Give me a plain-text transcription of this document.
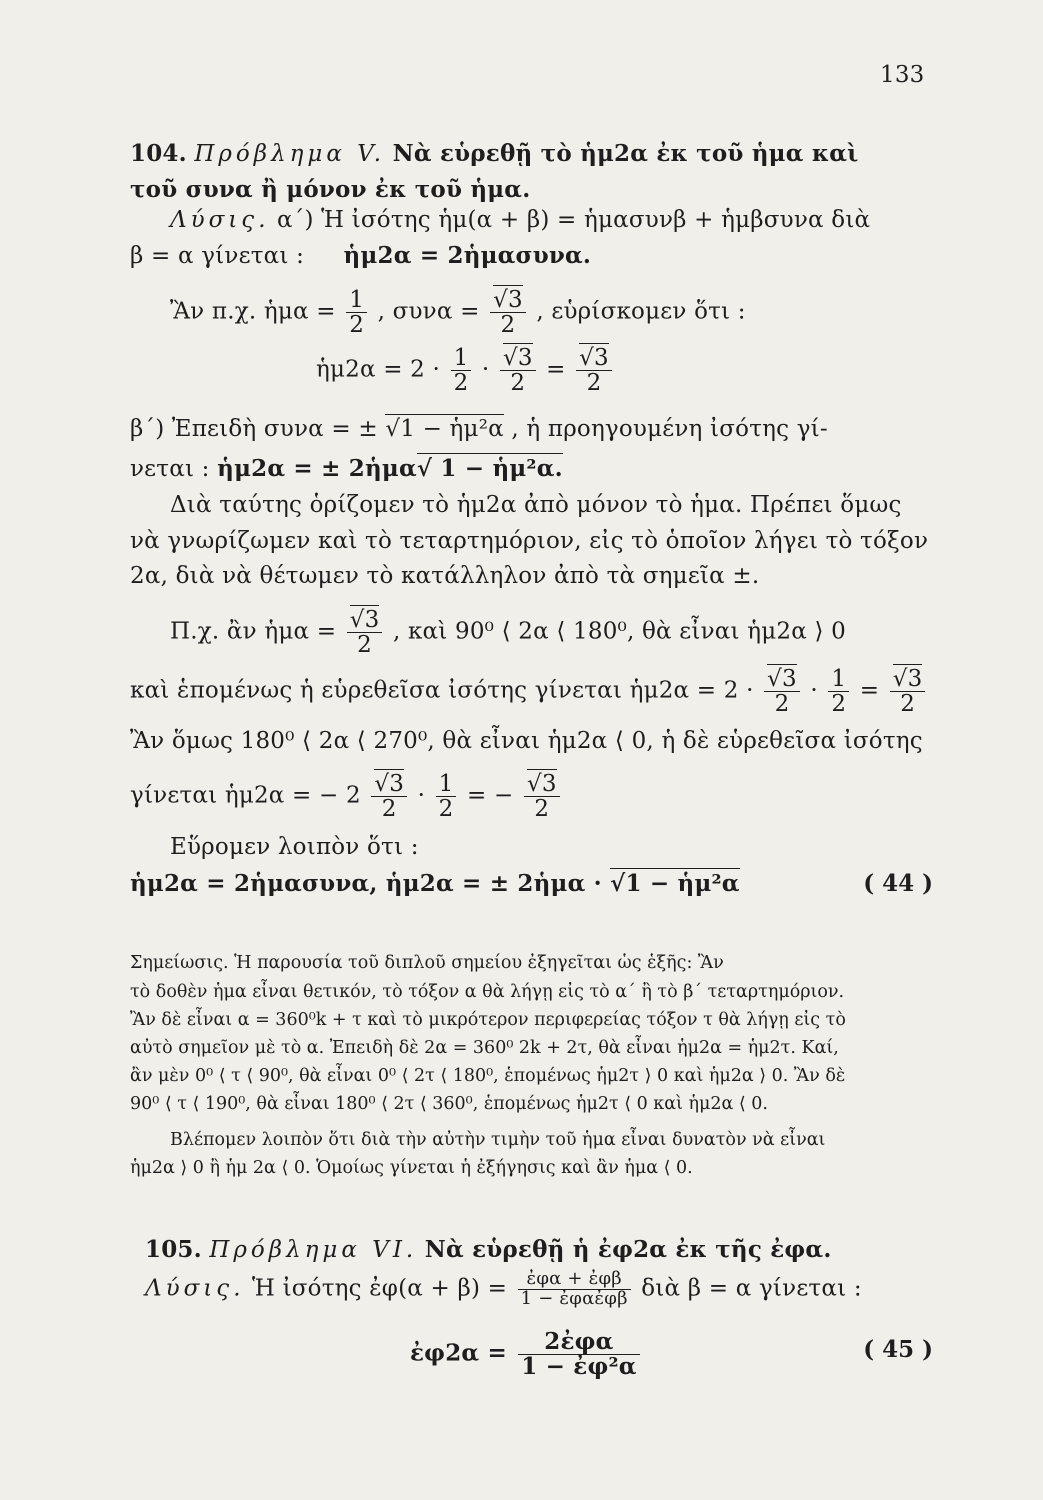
133
104. Πρόβλημα V. Νὰ εὑρεθῇ τὸ ἡμ2α ἐκ τοῦ ἡμα καὶ
τοῦ συνα ἢ μόνον ἐκ τοῦ ἡμα.
Λύσις. α΄) Ἡ ἰσότης ἡμ(α + β) = ἡμασυνβ + ἡμβσυνα διὰ
β = α γίνεται : ἡμ2α = 2ἡμασυνα.
Ἂν π.χ. ἡμα = $\frac{1}{2}$ , συνα = √ $\frac{3}{2}$ , εὑρίσκομεν ὅτι :
ἡμ2α = $2 \cdot \frac{1}{2}$ · √ $\frac{3}{2}$ = √ $\frac{3}{2}$
β΄) Ἐπειδὴ συνα = ± √ 1 − ἡμ²α , ἡ προηγουμένη ἰσότης γί-
νεται : ἡμ2α = ± 2ἡμα√ 1 − ἡμ²α.
Διὰ ταύτης ὁρίζομεν τὸ ἡμ2α ἀπὸ μόνον τὸ ἡμα. Πρέπει ὅμως
νὰ γνωρίζωμεν καὶ τὸ τεταρτημόριον, εἰς τὸ ὁποῖον λήγει τὸ τόξον
2α, διὰ νὰ θέτωμεν τὸ κατάλληλον ἀπὸ τὰ σημεῖα ±.
Π.χ. ἂν ἡμα = √ $\frac{3}{2}$ , καὶ 90⁰ ⟨ 2α ⟨ 180⁰, θὰ εἶναι ἡμ2α ⟩ 0
καὶ ἑπομένως ἡ εὑρεθεῖσα ἰσότης γίνεται ἡμ2α = 2 · √ $\frac{3}{2} \cdot \frac{1}{2}$ = √ $\frac{3}{2}$
Ἂν ὅμως 180⁰ ⟨ 2α ⟨ 270⁰, θὰ εἶναι ἡμ2α ⟨ 0, ἡ δὲ εὑρεθεῖσα ἰσότης
γίνεται ἡμ2α = − 2 √ $\frac{3}{2} \cdot \frac{1}{2}$ = − √ $\frac{3}{2}$
Εὕρομεν λοιπὸν ὅτι :
ἡμ2α = 2ἡμασυνα, ἡμ2α = ± 2ἡμα · √ 1 − ἡμ²α	( 44 )
Σημείωσις. Ἡ παρουσία τοῦ διπλοῦ σημείου ἐξηγεῖται ὡς ἑξῆς: Ἂν
τὸ δοθὲν ἡμα εἶναι θετικόν, τὸ τόξον α θὰ λήγῃ εἰς τὸ α΄ ἢ τὸ β΄ τεταρτημόριον.
Ἂν δὲ εἶναι α = 360⁰k + τ καὶ τὸ μικρότερον περιφερείας τόξον τ θὰ λήγῃ εἰς τὸ
αὐτὸ σημεῖον μὲ τὸ α. Ἐπειδὴ δὲ 2α = 360⁰ 2k + 2τ, θὰ εἶναι ἡμ2α = ἡμ2τ. Καί,
ἂν μὲν 0⁰ ⟨ τ ⟨ 90⁰, θὰ εἶναι 0⁰ ⟨ 2τ ⟨ 180⁰, ἑπομένως ἡμ2τ ⟩ 0 καὶ ἡμ2α ⟩ 0. Ἂν δὲ
90⁰ ⟨ τ ⟨ 190⁰, θὰ εἶναι 180⁰ ⟨ 2τ ⟨ 360⁰, ἑπομένως ἡμ2τ ⟨ 0 καὶ ἡμ2α ⟨ 0.
Βλέπομεν λοιπὸν ὅτι διὰ τὴν αὐτὴν τιμὴν τοῦ ἡμα εἶναι δυνατὸν νὰ εἶναι
ἡμ2α ⟩ 0 ἢ ἡμ 2α ⟨ 0. Ὁμοίως γίνεται ἡ ἐξήγησις καὶ ἂν ἡμα ⟨ 0.
105. Πρόβλημα VI. Νὰ εὑρεθῇ ἡ ἐφ2α ἐκ τῆς ἐφα.
Λύσις. Ἡ ἰσότης ἐφ(α + $\beta) = \frac{\text{ἐφα + ἐφβ}}{\text{1 − ἐφαἐφβ}}$ διὰ β = α γίνεται :
ἐφ2α = $\frac{\text{2ἐφα}}{\text{1 − ἐφ²α}}$	( 45 )
